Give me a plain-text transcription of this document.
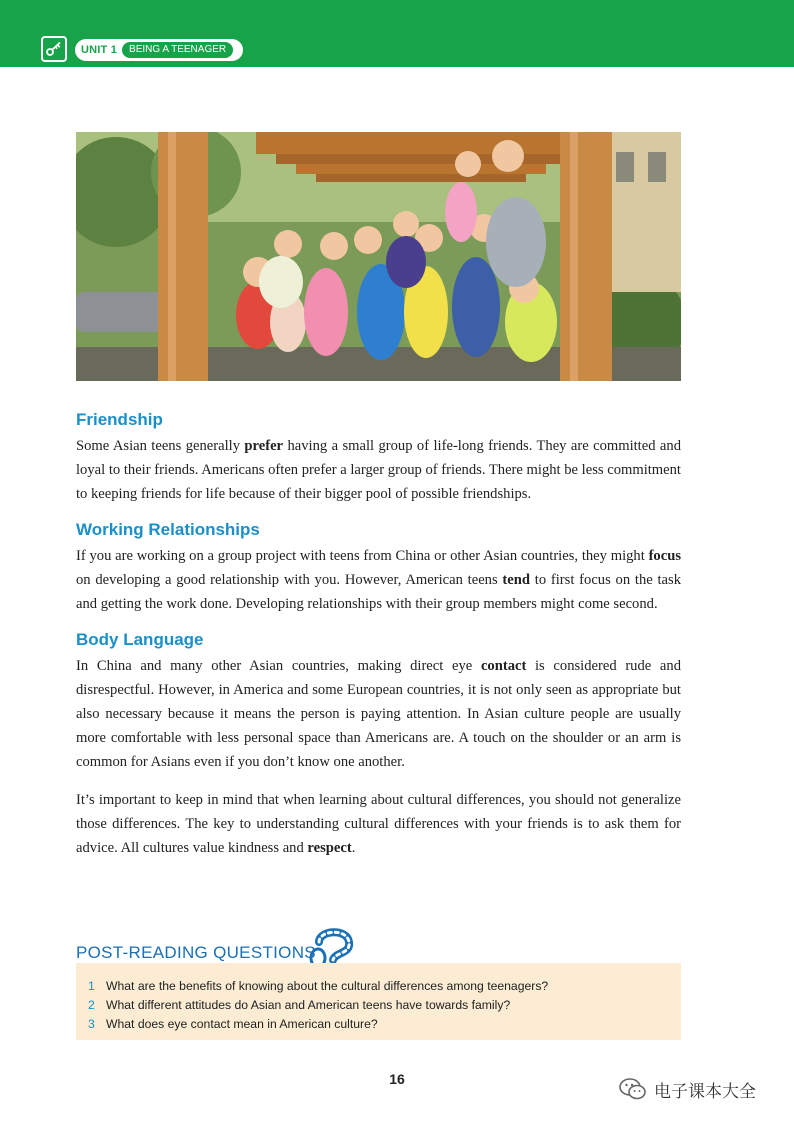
UNIT 1	BEING A TEENAGER
Friendship

Some Asian teens generally prefer having a small group of life-long friends. They are committed and loyal to their friends. Americans often prefer a larger group of friends. There might be less commitment to keeping friends for life because of their bigger pool of possible friendships.

Working Relationships

If you are working on a group project with teens from China or other Asian countries, they might focus on developing a good relationship with you. However, American teens tend to first focus on the task and getting the work done. Developing relationships with their group members might come second.

Body Language

In China and many other Asian countries, making direct eye contact is considered rude and disrespectful. However, in America and some European countries, it is not only seen as appropriate but also necessary because it means the person is paying attention. In Asian culture people are usually more comfortable with less personal space than Americans are. A touch on the shoulder or an arm is common for Asians even if you don’t know one another.

It’s important to keep in mind that when learning about cultural differences, you should not generalize those differences. The key to understanding cultural differences with your friends is to ask them for advice. All cultures value kindness and respect.

POST-READING QUESTIONS
1 What are the benefits of knowing about the cultural differences among teenagers?
2 What different attitudes do Asian and American teens have towards family?
3 What does eye contact mean in American culture?
16
电子课本大全
